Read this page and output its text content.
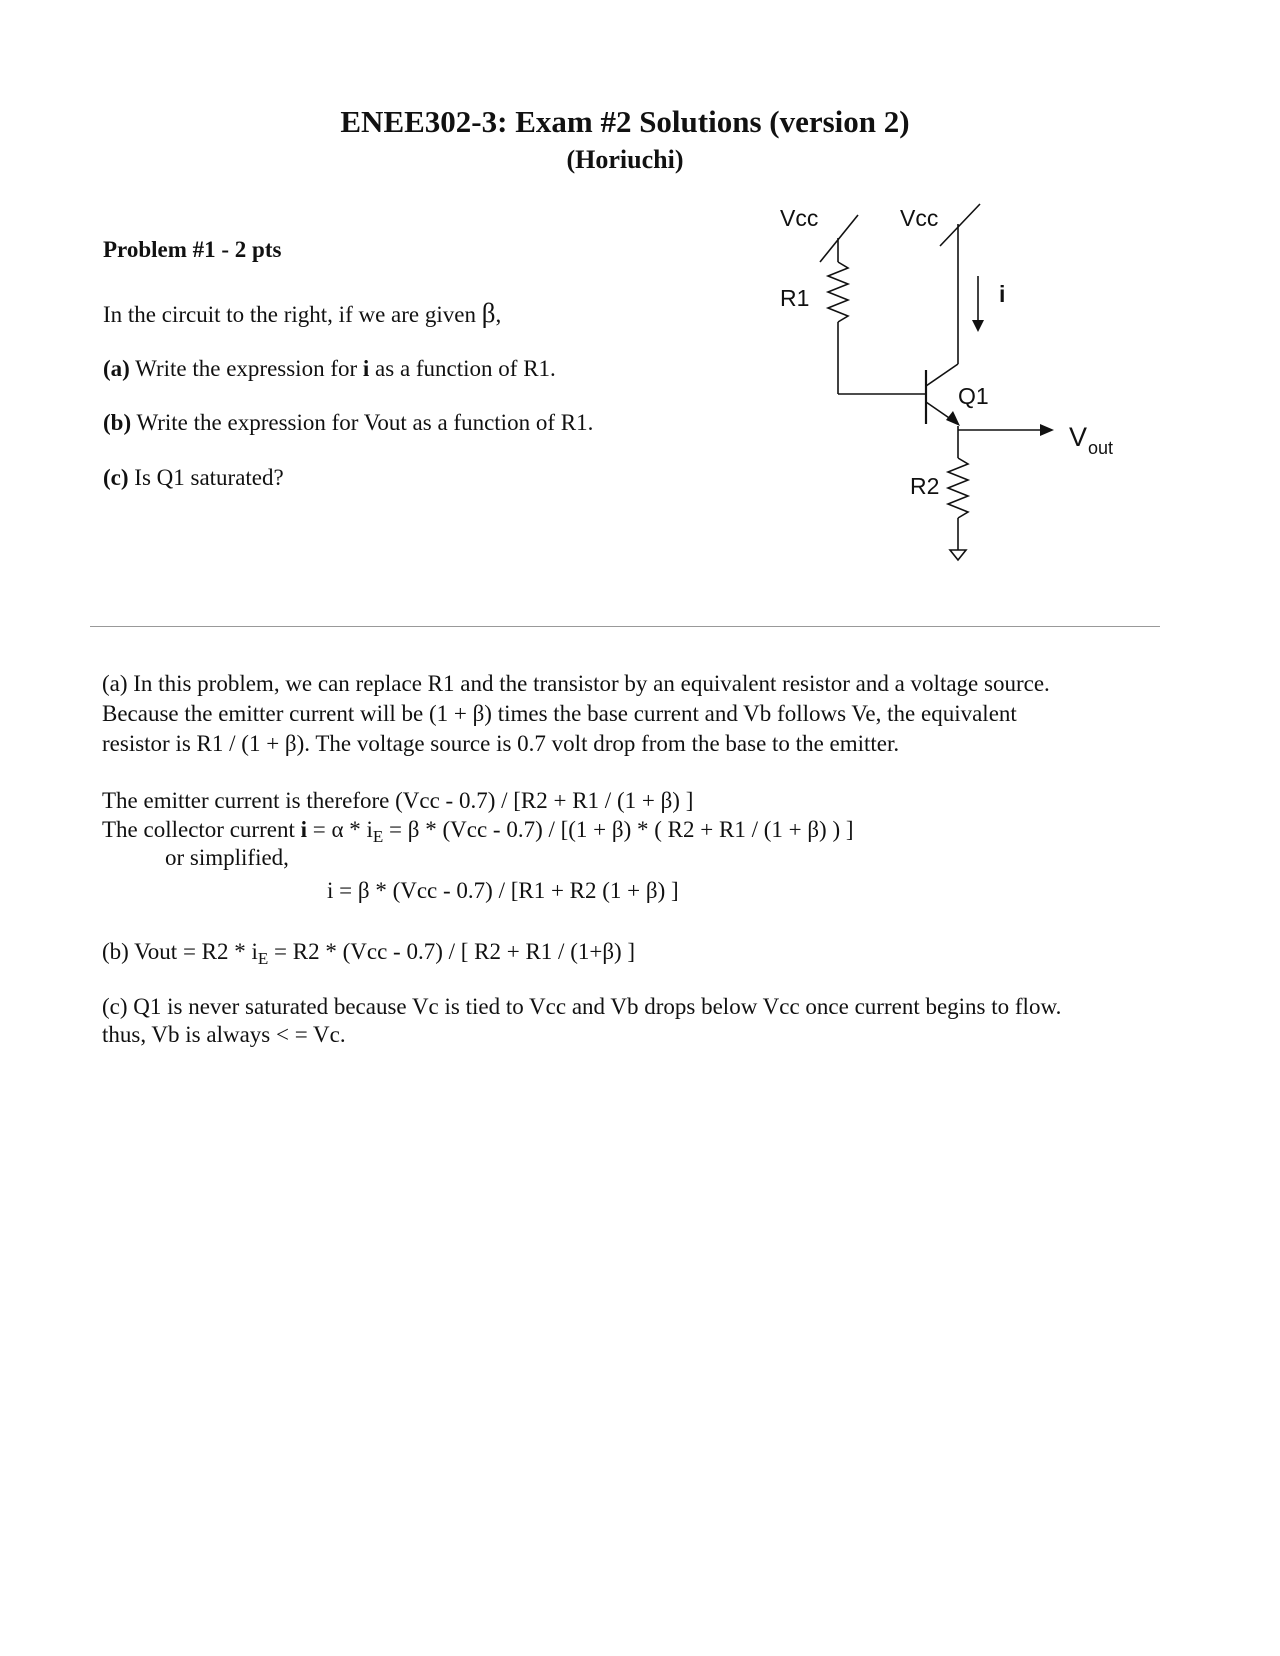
ENEE302-3: Exam #2 Solutions (version 2)
(Horiuchi)
Problem #1 - 2 pts
In the circuit to the right, if we are given β,
(a) Write the expression for i as a function of R1.
(b) Write the expression for Vout as a function of R1.
(c) Is Q1 saturated?
Vcc	Vcc
R1	i
Q1
R2
V out
(a) In this problem, we can replace R1 and the transistor by an equivalent resistor and a voltage source.
Because the emitter current will be (1 + β) times the base current and Vb follows Ve, the equivalent
resistor is R1 / (1 + β). The voltage source is 0.7 volt drop from the base to the emitter.
The emitter current is therefore (Vcc - 0.7) / [R2 + R1 / (1 + β) ]
The collector current $i = \alpha * i_E = \beta * (Vcc - 0.7) / [(1 + \beta)$ * ( R2 + R1 / (1 + β) ) ]
or simplified,
i = β * (Vcc - 0.7) / [R1 + R2 (1 + β) ]
(b) Vout = $R2 * i_E = R2 * (Vcc - 0.7)$ / [ R2 + R1 / (1+β) ]
(c) Q1 is never saturated because Vc is tied to Vcc and Vb drops below Vcc once current begins to flow.
thus, Vb is always < = Vc.
